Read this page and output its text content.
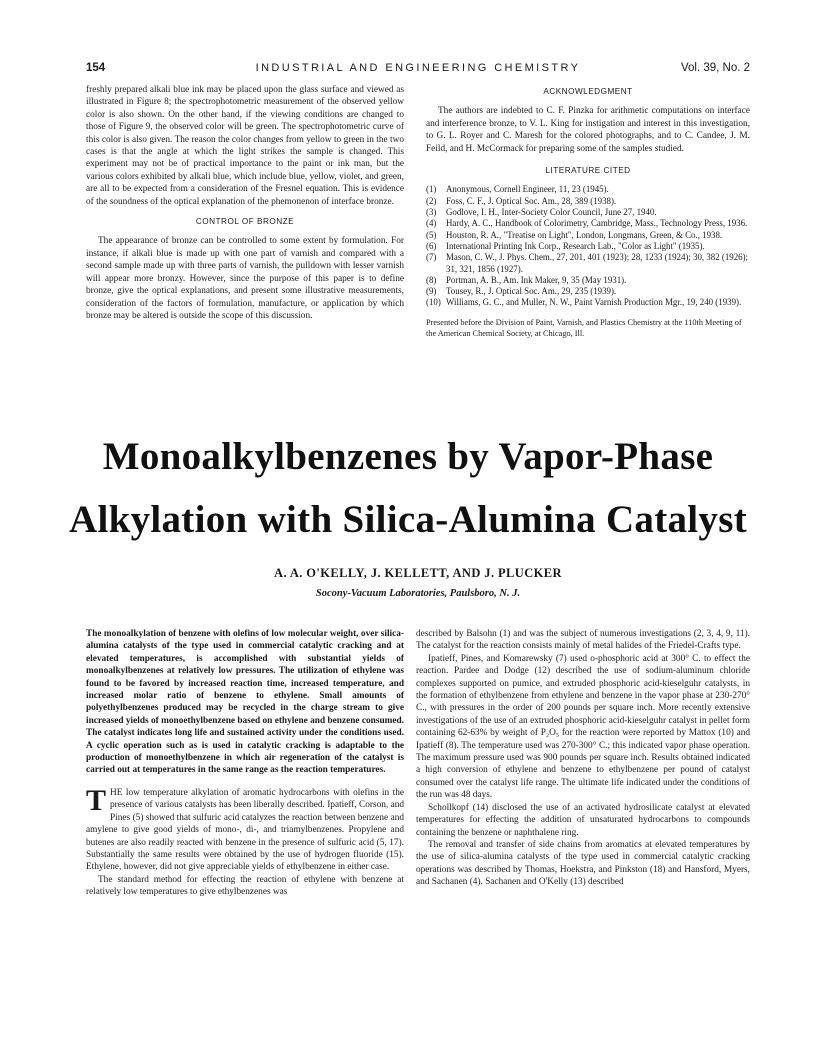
154	INDUSTRIAL AND ENGINEERING CHEMISTRY	Vol. 39, No. 2

freshly prepared alkali blue ink may be placed upon the glass surface and viewed as illustrated in Figure 8; the spectrophotometric measurement of the observed yellow color is also shown. On the other hand, if the viewing conditions are changed to those of Figure 9, the observed color will be green. The spectrophotometric curve of this color is also given. The reason the color changes from yellow to green in the two cases is that the angle at which the light strikes the sample is changed. This experiment may not be of practical importance to the paint or ink man, but the various colors exhibited by alkali blue, which include blue, yellow, violet, and green, are all to be expected from a consideration of the Fresnel equation. This is evidence of the soundness of the optical explanation of the phemonenon of interface bronze.

CONTROL OF BRONZE

The appearance of bronze can be controlled to some extent by formulation. For instance, if alkali blue is made up with one part of varnish and compared with a second sample made up with three parts of varnish, the pulldown with lesser varnish will appear more bronzy. However, since the purpose of this paper is to define bronze, give the optical explanations, and present some illustrative measurements, consideration of the factors of formulation, manufacture, or application by which bronze may be altered is outside the scope of this discussion.

ACKNOWLEDGMENT

The authors are indebted to C. F. Pinzka for arithmetic computations on interface and interference bronze, to V. L. King for instigation and interest in this investigation, to G. L. Royer and C. Maresh for the colored photographs, and to C. Candee, J. M. Feild, and H. McCormack for preparing some of the samples studied.

LITERATURE CITED
(1) Anonymous, Cornell Engineer, 11, 23 (1945).
(2) Foss, C. F., J. Optical Soc. Am., 28, 389 (1938).
(3) Godlove, I. H., Inter-Society Color Council, June 27, 1940.
(4) Hardy, A. C., Handbook of Colorimetry, Cambridge, Mass., Technology Press, 1936.
(5) Houston, R. A., "Treatise on Light", London, Longmans, Green, & Co., 1938.
(6) International Printing Ink Corp., Research Lab., "Color as Light" (1935).
(7) Mason, C. W., J. Phys. Chem., 27, 201, 401 (1923); 28, 1233 (1924); 30, 382 (1926); 31, 321, 1856 (1927).
(8) Portman, A. B., Am. Ink Maker, 9, 35 (May 1931).
(9) Tousey, R., J. Optical Soc. Am., 29, 235 (1939).
(10) Williams, G. C., and Muller, N. W., Paint Varnish Production Mgr., 19, 240 (1939).
Presented before the Division of Paint, Varnish, and Plastics Chemistry at the 110th Meeting of the American Chemical Society, at Chicago, Ill.
Monoalkylbenzenes by Vapor-Phase
Alkylation with Silica-Alumina Catalyst
A. A. O'KELLY, J. KELLETT, AND J. PLUCKER
Socony-Vacuum Laboratories, Paulsboro, N. J.

The monoalkylation of benzene with olefins of low molecular weight, over silica-alumina catalysts of the type used in commercial catalytic cracking and at elevated temperatures, is accomplished with substantial yields of monoalkylbenzenes at relatively low pressures. The utilization of ethylene was found to be favored by increased reaction time, increased temperature, and increased molar ratio of benzene to ethylene. Small amounts of polyethylbenzenes produced may be recycled in the charge stream to give increased yields of monoethylbenzene based on ethylene and benzene consumed. The catalyst indicates long life and sustained activity under the conditions used. A cyclic operation such as is used in catalytic cracking is adaptable to the production of monoethylbenzene in which air regeneration of the catalyst is carried out at temperatures in the same range as the reaction temperatures.

THE low temperature alkylation of aromatic hydrocarbons with olefins in the presence of various catalysts has been liberally described. Ipatieff, Corson, and Pines (5) showed that sulfuric acid catalyzes the reaction between benzene and amylene to give good yields of mono-, di-, and triamylbenzenes. Propylene and butenes are also readily reacted with benzene in the presence of sulfuric acid (5, 17). Substantially the same results were obtained by the use of hydrogen fluoride (15). Ethylene, however, did not give appreciable yields of ethylbenzene in either case.

The standard method for effecting the reaction of ethylene with benzene at relatively low temperatures to give ethylbenzenes was

described by Balsohn (1) and was the subject of numerous investigations (2, 3, 4, 9, 11). The catalyst for the reaction consists mainly of metal halides of the Friedel-Crafts type.

Ipatieff, Pines, and Komarewsky (7) used o-phosphoric acid at 300° C. to effect the reaction. Pardee and Dodge (12) described the use of sodium-aluminum chloride complexes supported on pumice, and extruded phosphoric acid-kieselguhr catalysts, in the formation of ethylbenzene from ethylene and benzene in the vapor phase at 230-270° C., with pressures in the order of 200 pounds per square inch. More recently extensive investigations of the use of an extruded phosphoric acid-kieselguhr catalyst in pellet form containing 62-63% by weight of P₂O₅ for the reaction were reported by Mattox (10) and Ipatieff (8). The temperature used was 270-300° C.; this indicated vapor phase operation. The maximum pressure used was 900 pounds per square inch. Results obtained indicated a high conversion of ethylene and benzene to ethylbenzene per pound of catalyst consumed over the catalyst life range. The ultimate life indicated under the conditions of the run was 48 days.

Schollkopf (14) disclosed the use of an activated hydrosilicate catalyst at elevated temperatures for effecting the addition of unsaturated hydrocarbons to compounds containing the benzene or naphthalene ring.

The removal and transfer of side chains from aromatics at elevated temperatures by the use of silica-alumina catalysts of the type used in commercial catalytic cracking operations was described by Thomas, Hoekstra, and Pinkston (18) and Hansford, Myers, and Sachanen (4). Sachanen and O'Kelly (13) described
